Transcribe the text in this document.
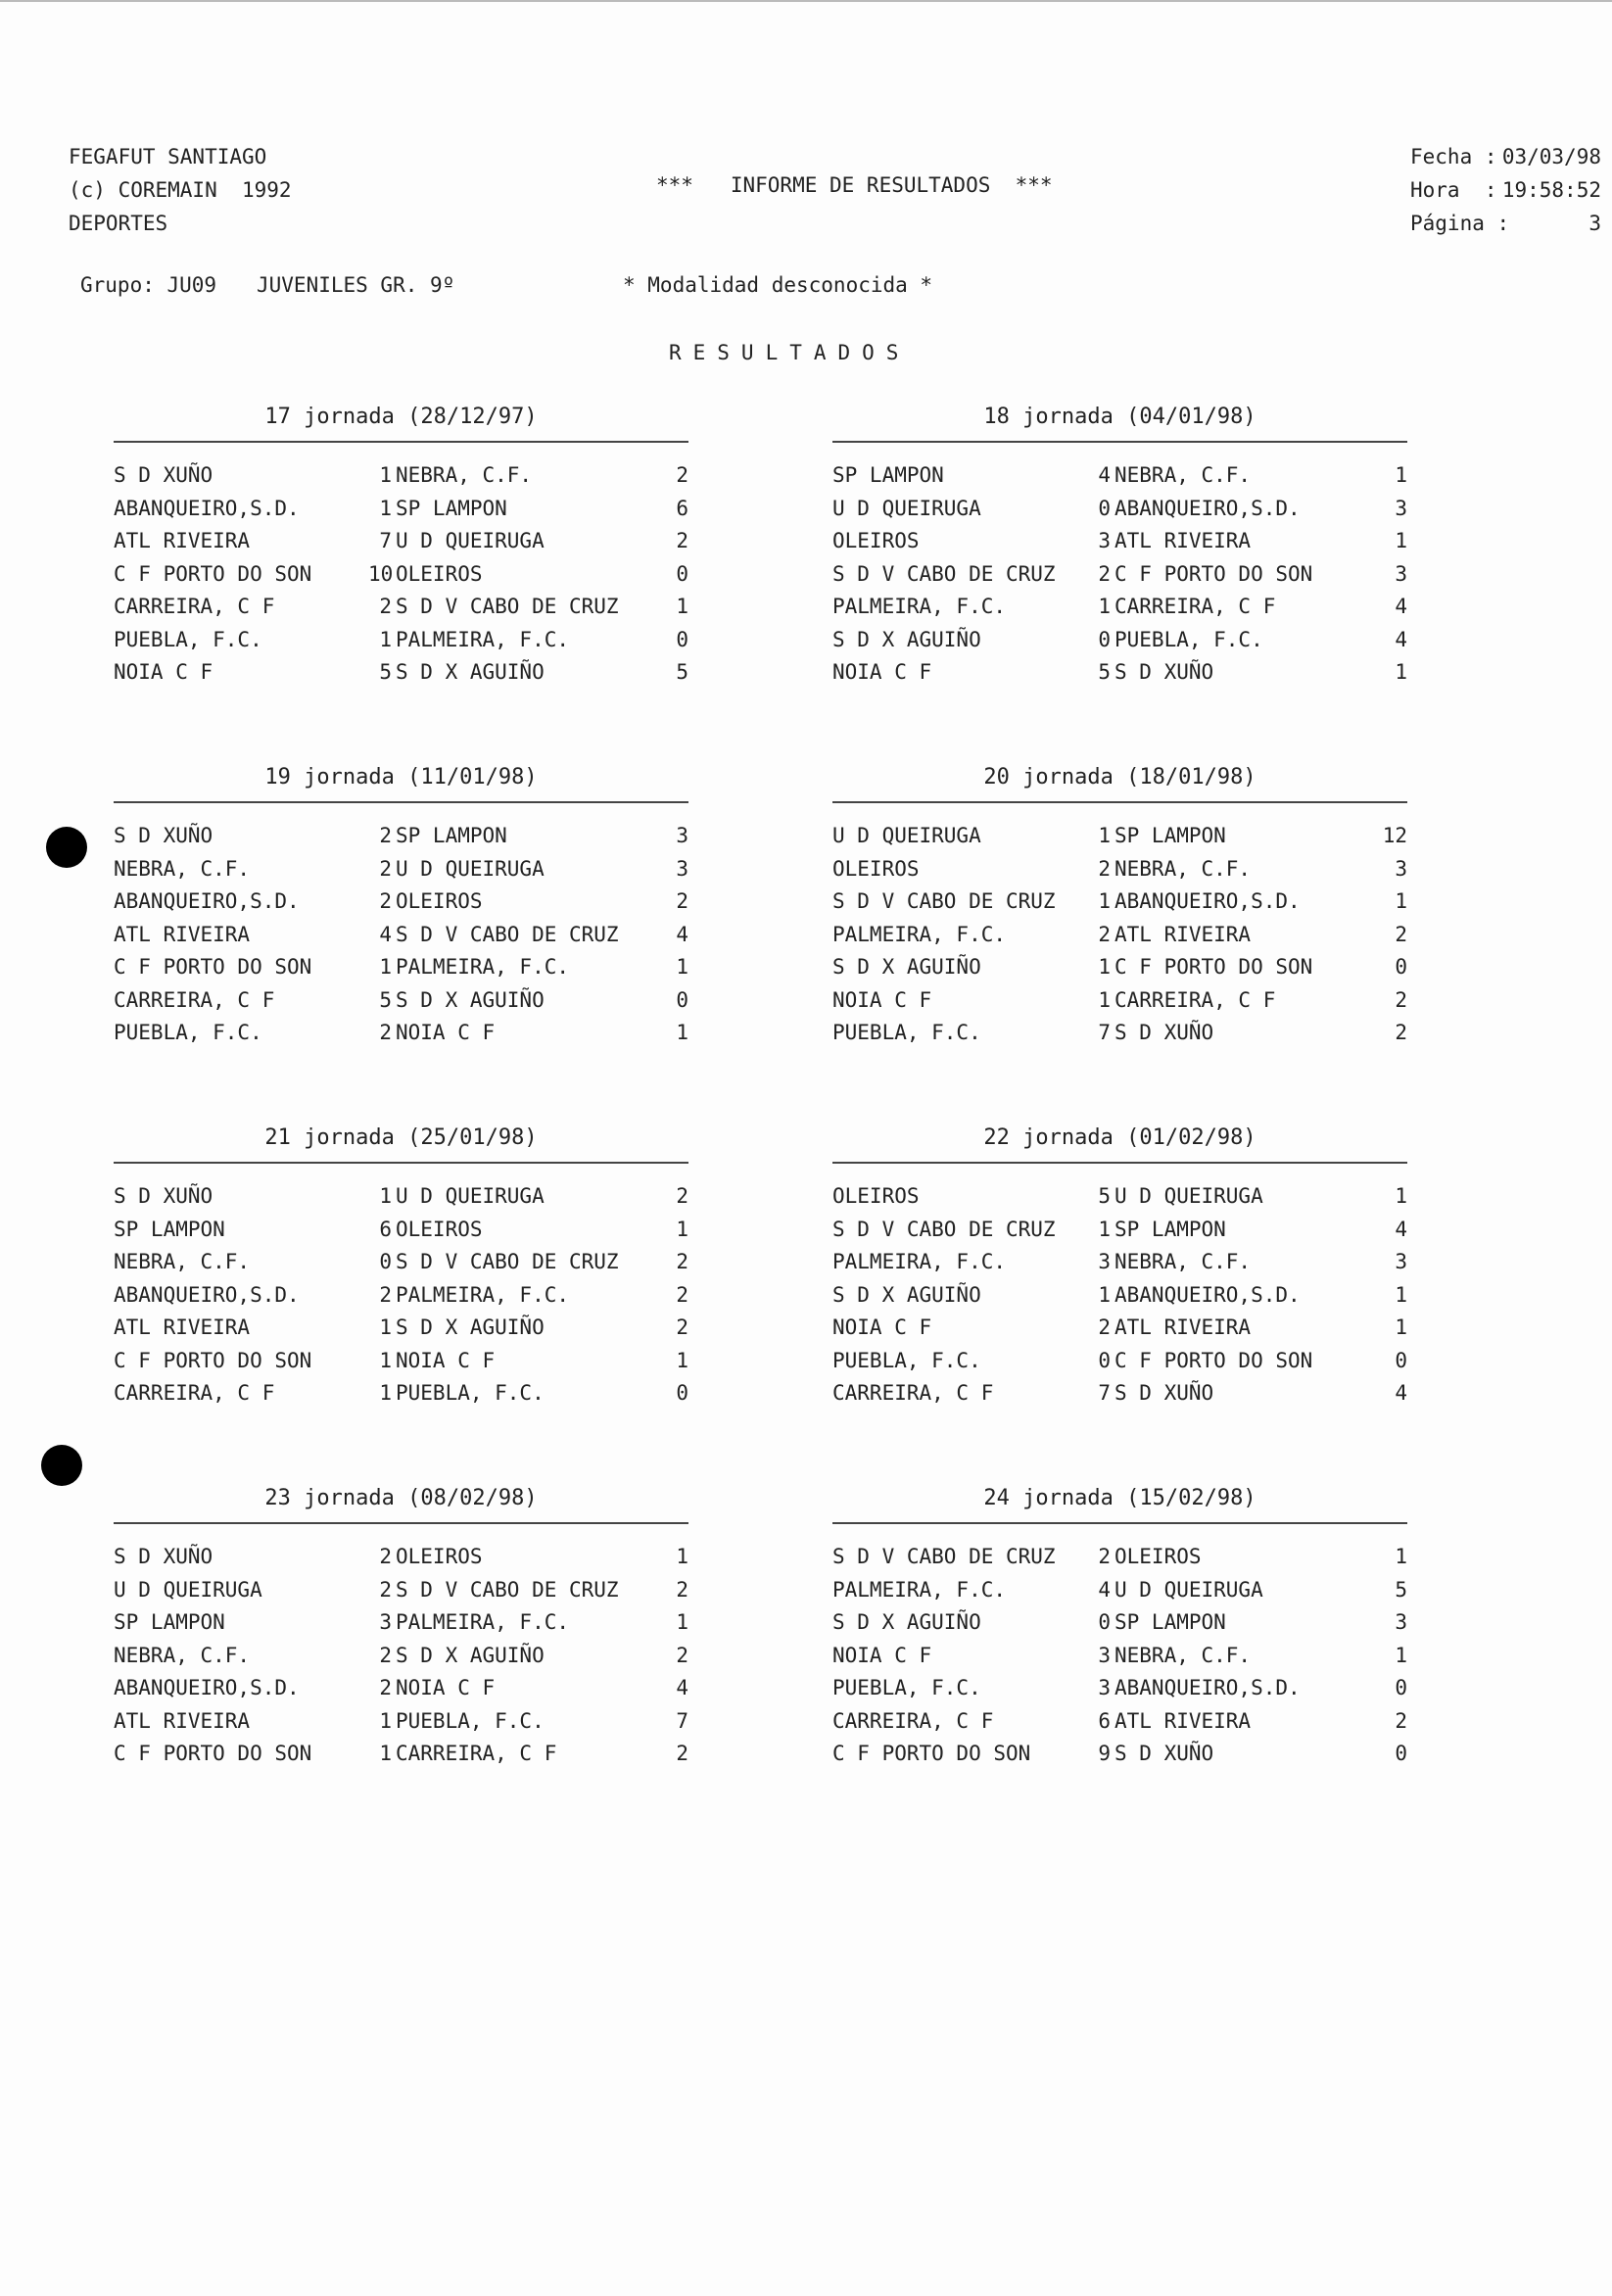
FEGAFUT SANTIAGO
(c) COREMAIN  1992
DEPORTES
***   INFORME DE RESULTADOS  ***
Fecha : 03/03/98
Hora  : 19:58:52
Página :	3
Grupo: JU09 JUVENILES GR. 9º	* Modalidad desconocida *
RESULTADOS
17 jornada (28/12/97)
S D XUÑO	1 NEBRA, C.F.	2
ABANQUEIRO,S.D.	1 SP LAMPON	6
ATL RIVEIRA	7 U D QUEIRUGA	2
C F PORTO DO SON	10 OLEIROS	0
CARREIRA, C F	2 S D V CABO DE CRUZ	1
PUEBLA, F.C.	1 PALMEIRA, F.C.	0
NOIA C F	5 S D X AGUIÑO	5
18 jornada (04/01/98)
SP LAMPON	4 NEBRA, C.F.	1
U D QUEIRUGA	0 ABANQUEIRO,S.D.	3
OLEIROS	3 ATL RIVEIRA	1
S D V CABO DE CRUZ	2 C F PORTO DO SON	3
PALMEIRA, F.C.	1 CARREIRA, C F	4
S D X AGUIÑO	0 PUEBLA, F.C.	4
NOIA C F	5 S D XUÑO	1
19 jornada (11/01/98)
S D XUÑO	2 SP LAMPON	3
NEBRA, C.F.	2 U D QUEIRUGA	3
ABANQUEIRO,S.D.	2 OLEIROS	2
ATL RIVEIRA	4 S D V CABO DE CRUZ	4
C F PORTO DO SON	1 PALMEIRA, F.C.	1
CARREIRA, C F	5 S D X AGUIÑO	0
PUEBLA, F.C.	2 NOIA C F	1
20 jornada (18/01/98)
U D QUEIRUGA	1 SP LAMPON	12
OLEIROS	2 NEBRA, C.F.	3
S D V CABO DE CRUZ	1 ABANQUEIRO,S.D.	1
PALMEIRA, F.C.	2 ATL RIVEIRA	2
S D X AGUIÑO	1 C F PORTO DO SON	0
NOIA C F	1 CARREIRA, C F	2
PUEBLA, F.C.	7 S D XUÑO	2
21 jornada (25/01/98)
S D XUÑO	1 U D QUEIRUGA	2
SP LAMPON	6 OLEIROS	1
NEBRA, C.F.	0 S D V CABO DE CRUZ	2
ABANQUEIRO,S.D.	2 PALMEIRA, F.C.	2
ATL RIVEIRA	1 S D X AGUIÑO	2
C F PORTO DO SON	1 NOIA C F	1
CARREIRA, C F	1 PUEBLA, F.C.	0
22 jornada (01/02/98)
OLEIROS	5 U D QUEIRUGA	1
S D V CABO DE CRUZ	1 SP LAMPON	4
PALMEIRA, F.C.	3 NEBRA, C.F.	3
S D X AGUIÑO	1 ABANQUEIRO,S.D.	1
NOIA C F	2 ATL RIVEIRA	1
PUEBLA, F.C.	0 C F PORTO DO SON	0
CARREIRA, C F	7 S D XUÑO	4
23 jornada (08/02/98)
S D XUÑO	2 OLEIROS	1
U D QUEIRUGA	2 S D V CABO DE CRUZ	2
SP LAMPON	3 PALMEIRA, F.C.	1
NEBRA, C.F.	2 S D X AGUIÑO	2
ABANQUEIRO,S.D.	2 NOIA C F	4
ATL RIVEIRA	1 PUEBLA, F.C.	7
C F PORTO DO SON	1 CARREIRA, C F	2
24 jornada (15/02/98)
S D V CABO DE CRUZ	2 OLEIROS	1
PALMEIRA, F.C.	4 U D QUEIRUGA	5
S D X AGUIÑO	0 SP LAMPON	3
NOIA C F	3 NEBRA, C.F.	1
PUEBLA, F.C.	3 ABANQUEIRO,S.D.	0
CARREIRA, C F	6 ATL RIVEIRA	2
C F PORTO DO SON	9 S D XUÑO	0
